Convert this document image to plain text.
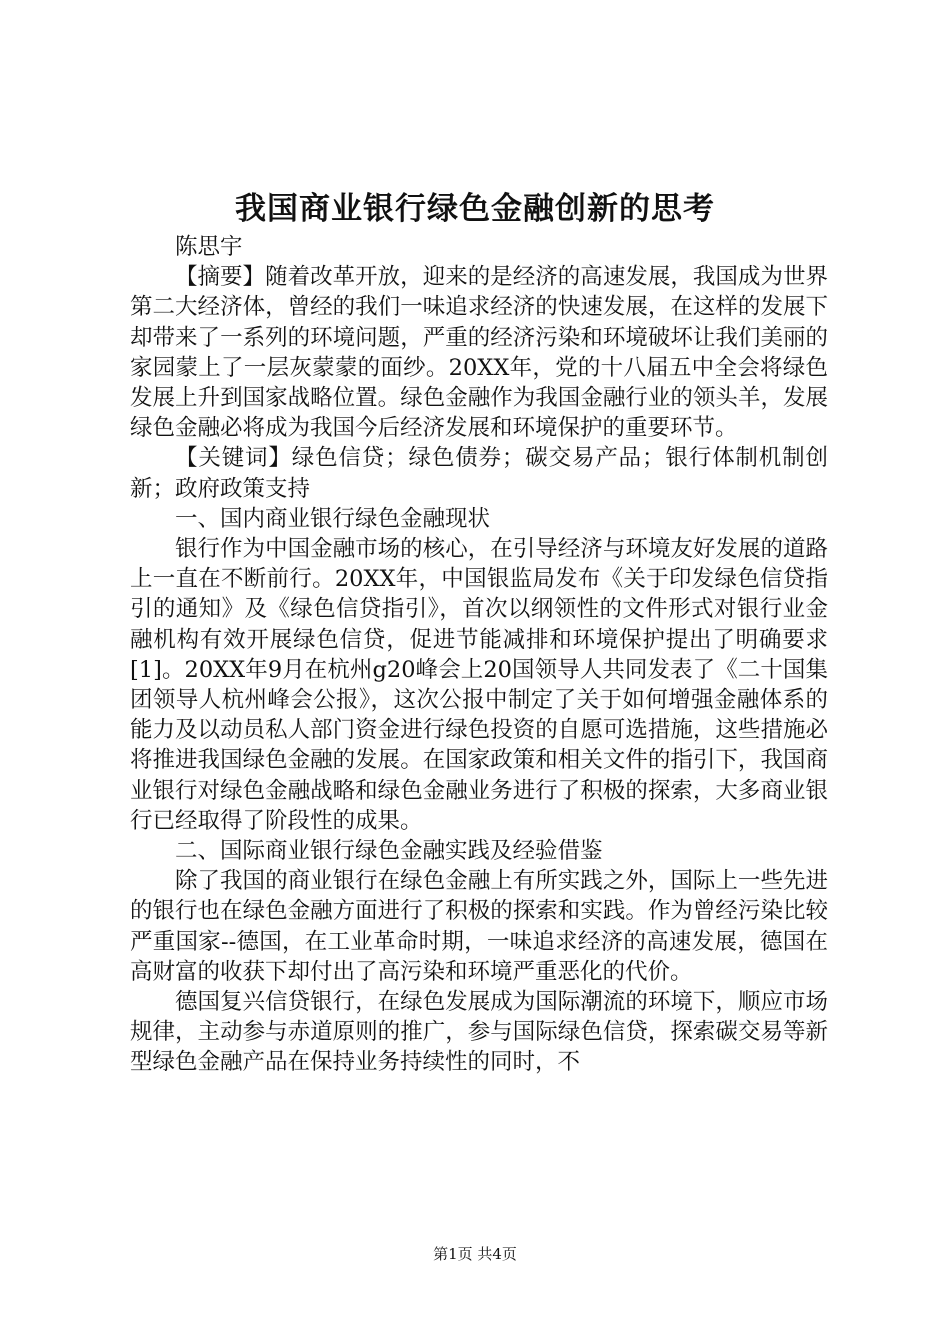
我国商业银行绿色金融创新的思考

陈思宇

【摘要】随着改革开放，迎来的是经济的高速发展，我国成为世界第二大经济体，曾经的我们一味追求经济的快速发展，在这样的发展下却带来了一系列的环境问题，严重的经济污染和环境破坏让我们美丽的家园蒙上了一层灰蒙蒙的面纱。20XX年，党的十八届五中全会将绿色发展上升到国家战略位置。绿色金融作为我国金融行业的领头羊，发展绿色金融必将成为我国今后经济发展和环境保护的重要环节。

【关键词】绿色信贷；绿色债券；碳交易产品；银行体制机制创新；政府政策支持

一、国内商业银行绿色金融现状

银行作为中国金融市场的核心，在引导经济与环境友好发展的道路上一直在不断前行。20XX年，中国银监局发布《关于印发绿色信贷指引的通知》及《绿色信贷指引》，首次以纲领性的文件形式对银行业金融机构有效开展绿色信贷，促进节能减排和环境保护提出了明确要求[1]。20XX年9月在杭州g20峰会上20国领导人共同发表了《二十国集团领导人杭州峰会公报》，这次公报中制定了关于如何增强金融体系的能力及以动员私人部门资金进行绿色投资的自愿可选措施，这些措施必将推进我国绿色金融的发展。在国家政策和相关文件的指引下，我国商业银行对绿色金融战略和绿色金融业务进行了积极的探索，大多商业银行已经取得了阶段性的成果。

二、国际商业银行绿色金融实践及经验借鉴

除了我国的商业银行在绿色金融上有所实践之外，国际上一些先进的银行也在绿色金融方面进行了积极的探索和实践。作为曾经污染比较严重国家--德国，在工业革命时期，一味追求经济的高速发展，德国在高财富的收获下却付出了高污染和环境严重恶化的代价。

德国复兴信贷银行，在绿色发展成为国际潮流的环境下，顺应市场规律，主动参与赤道原则的推广，参与国际绿色信贷，探索碳交易等新型绿色金融产品在保持业务持续性的同时，不

第1页 共4页
